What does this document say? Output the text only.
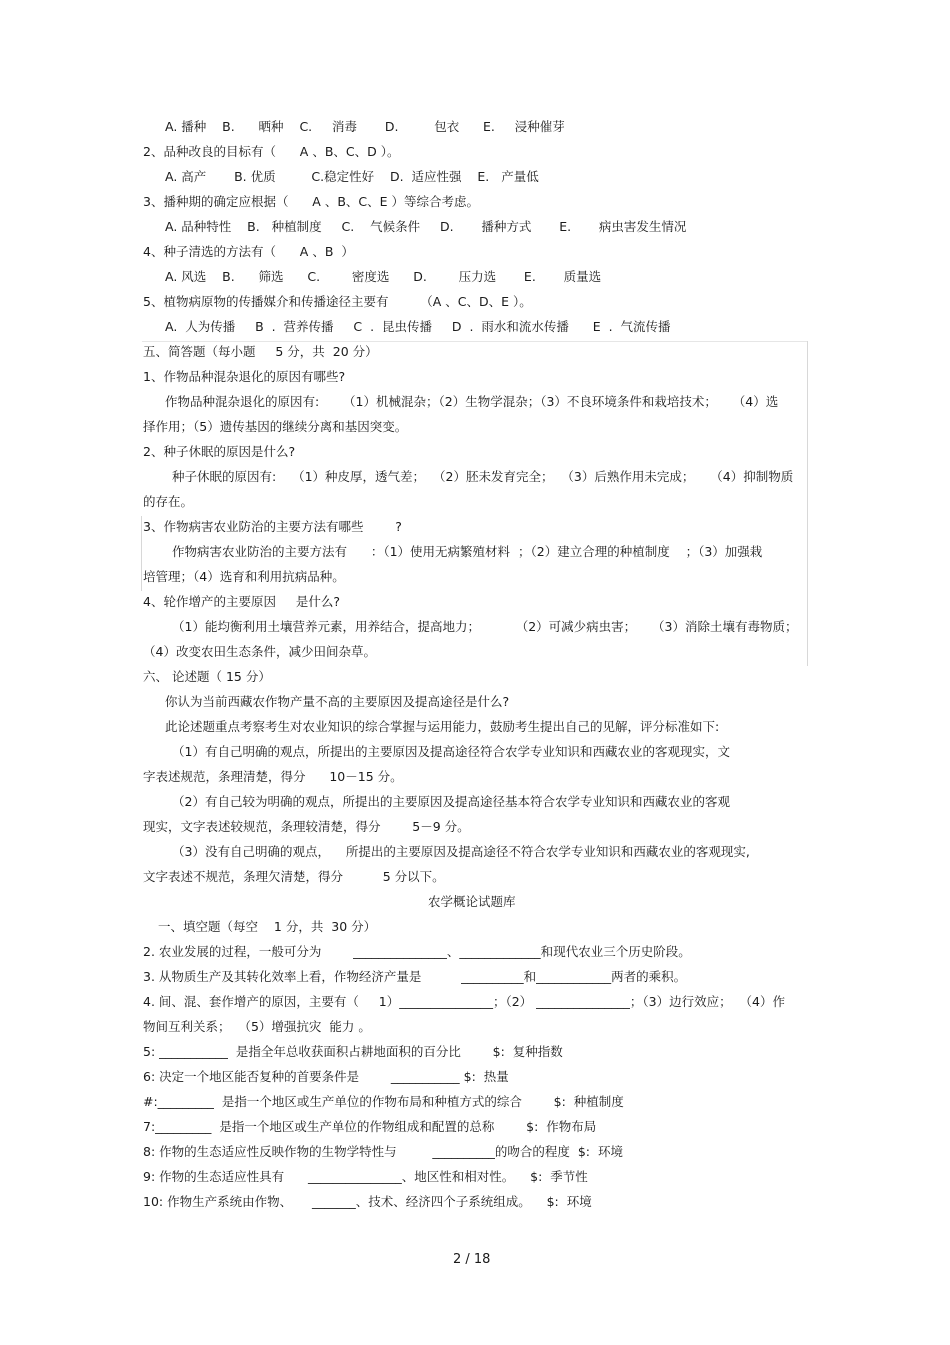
A. 播种    B.      晒种    C.     消毒       D.         包衣      E.     浸种催芽
2、品种改良的目标有（      A 、B、C、D ）。
A. 高产       B. 优质         C.稳定性好    D.  适应性强    E.   产量低
3、播种期的确定应根据（      A 、B、C、E ）等综合考虑。
A. 品种特性    B.   种植制度     C.    气候条件     D.       播种方式       E.       病虫害发生情况
4、种子清选的方法有（      A 、B  ）
A. 风选    B.      筛选      C.        密度选      D.        压力选       E.       质量选
5、植物病原物的传播媒介和传播途径主要有        （A 、C、D、E ）。
A.  人为传播     B  .  营养传播     C  .  昆虫传播     D  .  雨水和流水传播      E  .  气流传播
五、简答题（每小题     5 分，共  20 分）
1、作物品种混杂退化的原因有哪些?
作物品种混杂退化的原因有:      （1）机械混杂；（2）生物学混杂；（3）不良环境条件和栽培技术；    （4）选
择作用；（5）遗传基因的继续分离和基因突变。
2、种子休眠的原因是什么?
种子休眠的原因有:    （1）种皮厚，透气差；  （2）胚未发育完全；  （3）后熟作用未完成；    （4）抑制物质
的存在。
3、作物病害农业防治的主要方法有哪些        ?
作物病害农业防治的主要方法有      ：（1）使用无病繁殖材料  ；（2）建立合理的种植制度    ；（3）加强栽
培管理；（4）选育和利用抗病品种。
4、轮作增产的主要原因     是什么?
（1）能均衡利用土壤营养元素，用养结合，提高地力；         （2）可减少病虫害；    （3）消除土壤有毒物质；
（4）改变农田生态条件，减少田间杂草。
六、 论述题（ 15 分）
你认为当前西藏农作物产量不高的主要原因及提高途径是什么?
此论述题重点考察考生对农业知识的综合掌握与运用能力，鼓励考生提出自己的见解，评分标准如下:
（1）有自己明确的观点，所提出的主要原因及提高途径符合农学专业知识和西藏农业的客观现实，文
字表述规范，条理清楚，得分      10－15 分。
（2）有自己较为明确的观点，所提出的主要原因及提高途径基本符合农学专业知识和西藏农业的客观
现实，文字表述较规范，条理较清楚，得分        5－9 分。
（3）没有自己明确的观点，    所提出的主要原因及提高途径不符合农学专业知识和西藏农业的客观现实,
文字表述不规范，条理欠清楚，得分          5 分以下。
农学概论试题库
一、填空题（每空    1 分，共  30 分）
2. 农业发展的过程，一般可分为        _______________、_____________和现代农业三个历史阶段。
3. 从物质生产及其转化效率上看，作物经济产量是          __________和____________两者的乘积。
4. 间、混、套作增产的原因，主要有（     1）_______________；（2） _______________；（3）边行效应；  （4）作
物间互利关系；  （5）增强抗灾  能力 。
5: ___________  是指全年总收获面积占耕地面积的百分比        $:  复种指数
6: 决定一个地区能否复种的首要条件是        ___________ $:  热量
#:_________  是指一个地区或生产单位的作物布局和种植方式的综合        $:  种植制度
7:_________  是指一个地区或生产单位的作物组成和配置的总称        $:  作物布局
8: 作物的生态适应性反映作物的生物学特性与         __________的吻合的程度  $:  环境
9: 作物的生态适应性具有      _______________、地区性和相对性。    $:  季节性
10: 作物生产系统由作物、     _______、技术、经济四个子系统组成。    $:  环境
2 / 18
